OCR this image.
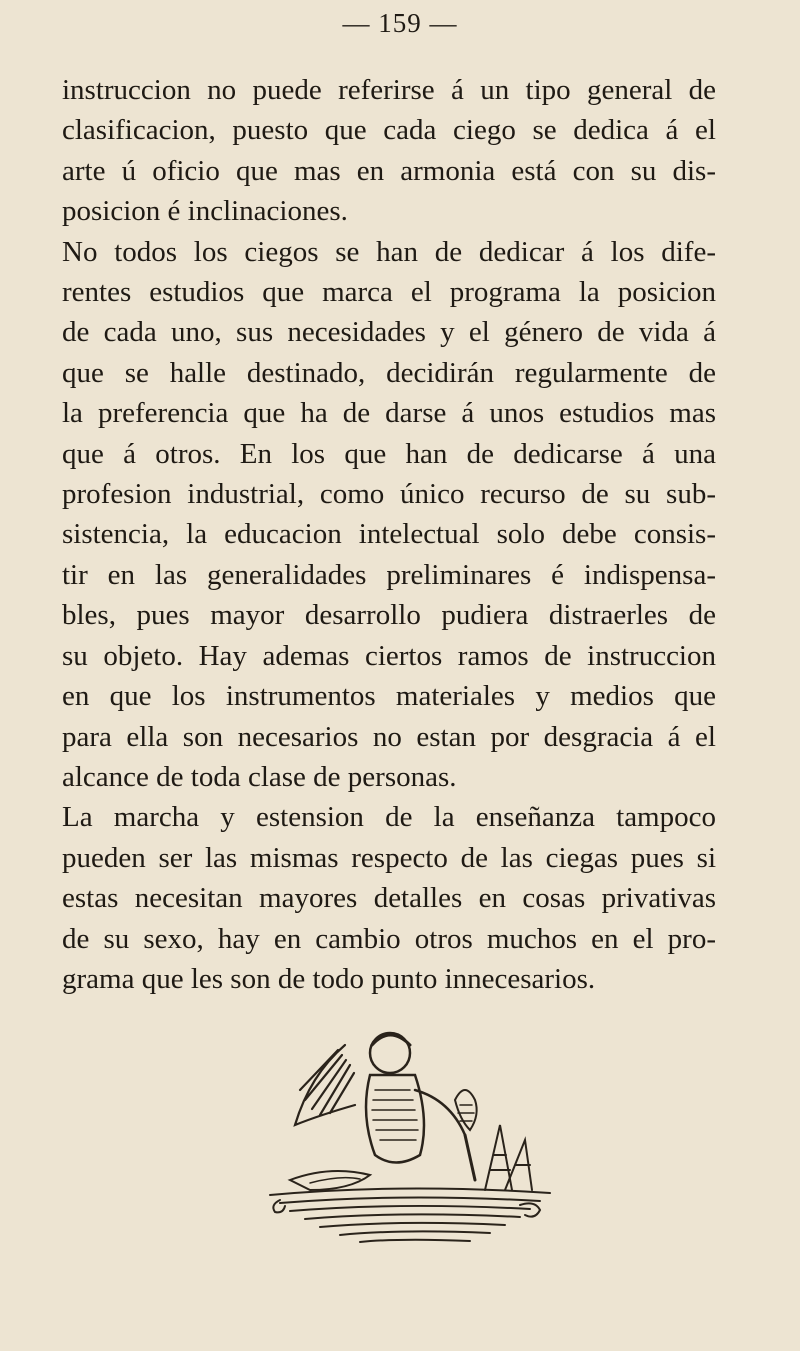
— 159 —
instruccion no puede referirse á un tipo general de
clasificacion, puesto que cada ciego se dedica á el
arte ú oficio que mas en armonia está con su dis-
posicion é inclinaciones.
No todos los ciegos se han de dedicar á los dife-
rentes estudios que marca el programa la posicion
de cada uno, sus necesidades y el género de vida á
que se halle destinado, decidirán regularmente de
la preferencia que ha de darse á unos estudios mas
que á otros. En los que han de dedicarse á una
profesion industrial, como único recurso de su sub-
sistencia, la educacion intelectual solo debe consis-
tir en las generalidades preliminares é indispensa-
bles, pues mayor desarrollo pudiera distraerles de
su objeto. Hay ademas ciertos ramos de instruccion
en que los instrumentos materiales y medios que
para ella son necesarios no estan por desgracia á el
alcance de toda clase de personas.
La marcha y estension de la enseñanza tampoco
pueden ser las mismas respecto de las ciegas pues si
estas necesitan mayores detalles en cosas privativas
de su sexo, hay en cambio otros muchos en el pro-
grama que les son de todo punto innecesarios.
